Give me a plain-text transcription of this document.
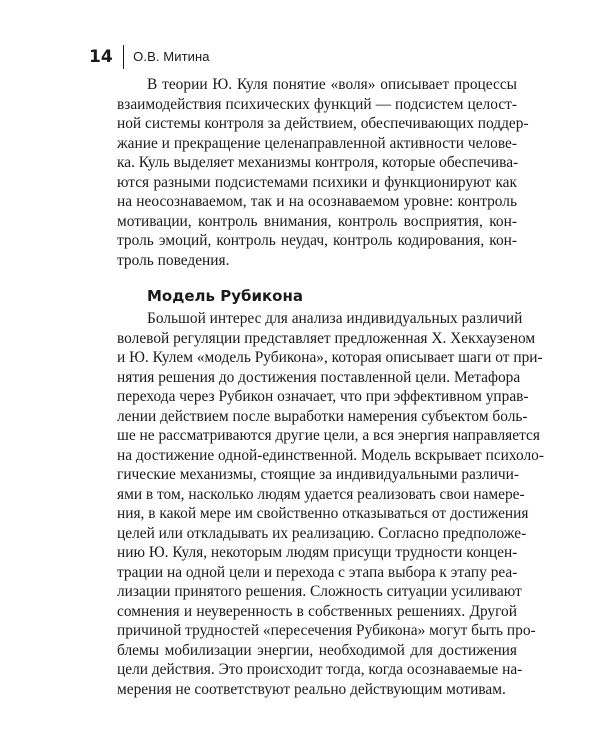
14 О.В. Митина
В теории Ю. Куля понятие «воля» описывает процессы
взаимодействия психических функций — подсистем целост-
ной системы контроля за действием, обеспечивающих поддер-
жание и прекращение целенаправленной активности челове-
ка. Куль выделяет механизмы контроля, которые обеспечива-
ются разными подсистемами психики и функционируют как
на неосознаваемом, так и на осознаваемом уровне: контроль
мотивации, контроль внимания, контроль восприятия, кон-
троль эмоций, контроль неудач, контроль кодирования, кон-
троль поведения.
Модель Рубикона
Большой интерес для анализа индивидуальных различий
волевой регуляции представляет предложенная Х. Хекхаузеном
и Ю. Кулем «модель Рубикона», которая описывает шаги от при-
нятия решения до достижения поставленной цели. Метафора
перехода через Рубикон означает, что при эффективном управ-
лении действием после выработки намерения субъектом боль-
ше не рассматриваются другие цели, а вся энергия направляется
на достижение одной-единственной. Модель вскрывает психоло-
гические механизмы, стоящие за индивидуальными различи-
ями в том, насколько людям удается реализовать свои намере-
ния, в какой мере им свойственно отказываться от достижения
целей или откладывать их реализацию. Согласно предположе-
нию Ю. Куля, некоторым людям присущи трудности концен-
трации на одной цели и перехода с этапа выбора к этапу реа-
лизации принятого решения. Сложность ситуации усиливают
сомнения и неуверенность в собственных решениях. Другой
причиной трудностей «пересечения Рубикона» могут быть про-
блемы мобилизации энергии, необходимой для достижения
цели действия. Это происходит тогда, когда осознаваемые на-
мерения не соответствуют реально действующим мотивам.
